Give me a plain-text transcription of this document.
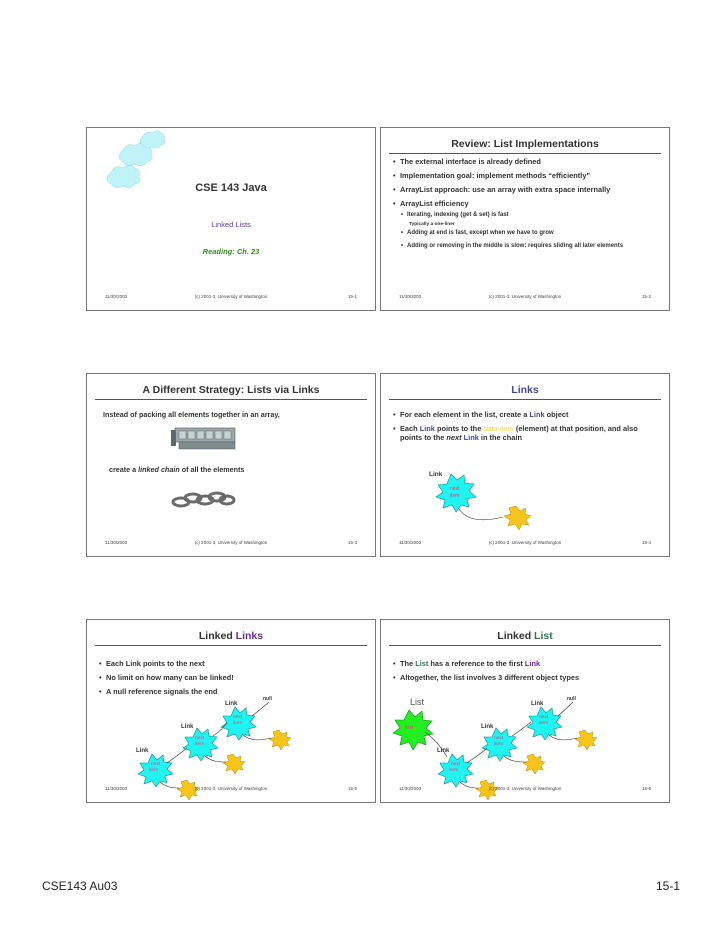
CSE 143 Java
Linked Lists
Reading: Ch. 23
11/30/2003	(c) 2001-3, University of Washington	15-1
Review: List Implementations
• The external interface is already defined
• Implementation goal: implement methods “efficiently”
• ArrayList approach: use an array with extra space internally
• ArrayList efficiency
• Iterating, indexing (get & set) is fast
Typically a one-liner
• Adding at end is fast, except when we have to grow
• Adding or removing in the middle is slow: requires sliding all later elements
11/30/2003	(c) 2001-3, University of Washington	15-2
A Different Strategy: Lists via Links
Instead of packing all elements together in an array,
create a linked chain of all the elements
11/30/2003	(c) 2001-3, University of Washington	15-3
Links
• For each element in the list, create a Link object
• Each Link points to the data item (element) at that position, and also points to the next Link in the chain
Link
next
item
11/30/2003	(c) 2001-3, University of Washington	15-4
Linked Links
• Each Link points to the next
• No limit on how many can be linked!
• A null reference signals the end
null
Link
next
item
Link
next
item
Link
next
item
11/30/2003	(c) 2001-3, University of Washington	15-5
Linked List
• The List has a reference to the first Link
• Altogether, the list involves 3 different object types
List
first
null
Link
next
item
Link
next
item
Link
next
item
11/30/2003	(c) 2001-3, University of Washington	15-6
CSE143 Au03	15-1
